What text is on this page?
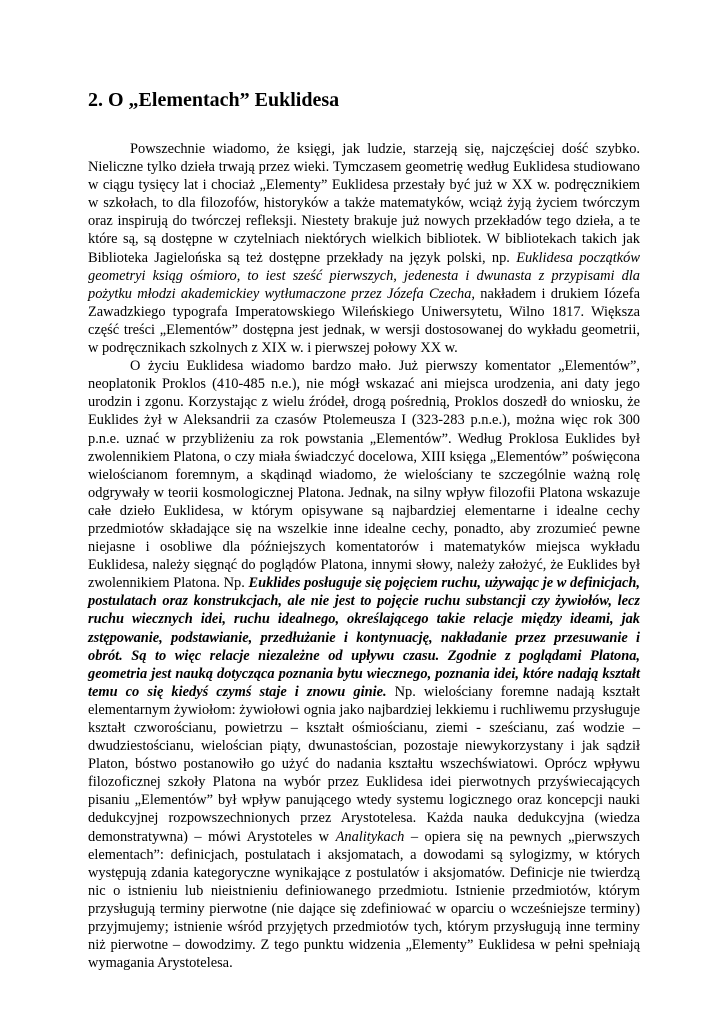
2. O „Elementach” Euklidesa

Powszechnie wiadomo, że księgi, jak ludzie, starzeją się, najczęściej dość szybko. Nieliczne tylko dzieła trwają przez wieki. Tymczasem geometrię według Euklidesa studiowano w ciągu tysięcy lat i chociaż „Elementy” Euklidesa przestały być już w XX w. podręcznikiem w szkołach, to dla filozofów, historyków a także matematyków, wciąż żyją życiem twórczym oraz inspirują do twórczej refleksji. Niestety brakuje już nowych przekładów tego dzieła, a te które są, są dostępne w czytelniach niektórych wielkich bibliotek. W bibliotekach takich jak Biblioteka Jagielońska są też dostępne przekłady na język polski, np. Euklidesa początków geometryi ksiąg ośmioro, to iest sześć pierwszych, jedenesta i dwunasta z przypisami dla pożytku młodzi akademickiey wytłumaczone przez Józefa Czecha, nakładem i drukiem Iózefa Zawadzkiego typografa Imperatowskiego Wileńskiego Uniwersytetu, Wilno 1817. Większa część treści „Elementów” dostępna jest jednak, w wersji dostosowanej do wykładu geometrii, w podręcznikach szkolnych z XIX w. i pierwszej połowy XX w.

O życiu Euklidesa wiadomo bardzo mało. Już pierwszy komentator „Elementów”, neoplatonik Proklos (410-485 n.e.), nie mógł wskazać ani miejsca urodzenia, ani daty jego urodzin i zgonu. Korzystając z wielu źródeł, drogą pośrednią, Proklos doszedł do wniosku, że Euklides żył w Aleksandrii za czasów Ptolemeusza I (323-283 p.n.e.), można więc rok 300 p.n.e. uznać w przybliżeniu za rok powstania „Elementów”. Według Proklosa Euklides był zwolennikiem Platona, o czy miała świadczyć docelowa, XIII księga „Elementów” poświęcona wielościanom foremnym, a skądinąd wiadomo, że wielościany te szczególnie ważną rolę odgrywały w teorii kosmologicznej Platona. Jednak, na silny wpływ filozofii Platona wskazuje całe dzieło Euklidesa, w którym opisywane są najbardziej elementarne i idealne cechy przedmiotów składające się na wszelkie inne idealne cechy, ponadto, aby zrozumieć pewne niejasne i osobliwe dla późniejszych komentatorów i matematyków miejsca wykładu Euklidesa, należy sięgnąć do poglądów Platona, innymi słowy, należy założyć, że Euklides był zwolennikiem Platona. Np. Euklides posługuje się pojęciem ruchu, używając je w definicjach, postulatach oraz konstrukcjach, ale nie jest to pojęcie ruchu substancji czy żywiołów, lecz ruchu wiecznych idei, ruchu idealnego, określającego takie relacje między ideami, jak zstępowanie, podstawianie, przedłużanie i kontynuację, nakładanie przez przesuwanie i obrót. Są to więc relacje niezależne od upływu czasu. Zgodnie z poglądami Platona, geometria jest nauką dotycząca poznania bytu wiecznego, poznania idei, które nadają kształt temu co się kiedyś czymś staje i znowu ginie. Np. wielościany foremne nadają kształt elementarnym żywiołom: żywiołowi ognia jako najbardziej lekkiemu i ruchliwemu przysługuje kształt czworościanu, powietrzu – kształt ośmiościanu, ziemi - sześcianu, zaś wodzie – dwudziestościanu, wielościan piąty, dwunastościan, pozostaje niewykorzystany i jak sądził Platon, bóstwo postanowiło go użyć do nadania kształtu wszechświatowi. Oprócz wpływu filozoficznej szkoły Platona na wybór przez Euklidesa idei pierwotnych przyświecających pisaniu „Elementów” był wpływ panującego wtedy systemu logicznego oraz koncepcji nauki dedukcyjnej rozpowszechnionych przez Arystotelesa. Każda nauka dedukcyjna (wiedza demonstratywna) – mówi Arystoteles w Analitykach – opiera się na pewnych „pierwszych elementach”: definicjach, postulatach i aksjomatach, a dowodami są sylogizmy, w których występują zdania kategoryczne wynikające z postulatów i aksjomatów. Definicje nie twierdzą nic o istnieniu lub nieistnieniu definiowanego przedmiotu. Istnienie przedmiotów, którym przysługują terminy pierwotne (nie dające się zdefiniować w oparciu o wcześniejsze terminy) przyjmujemy; istnienie wśród przyjętych przedmiotów tych, którym przysługują inne terminy niż pierwotne – dowodzimy. Z tego punktu widzenia „Elementy” Euklidesa w pełni spełniają wymagania Arystotelesa.
